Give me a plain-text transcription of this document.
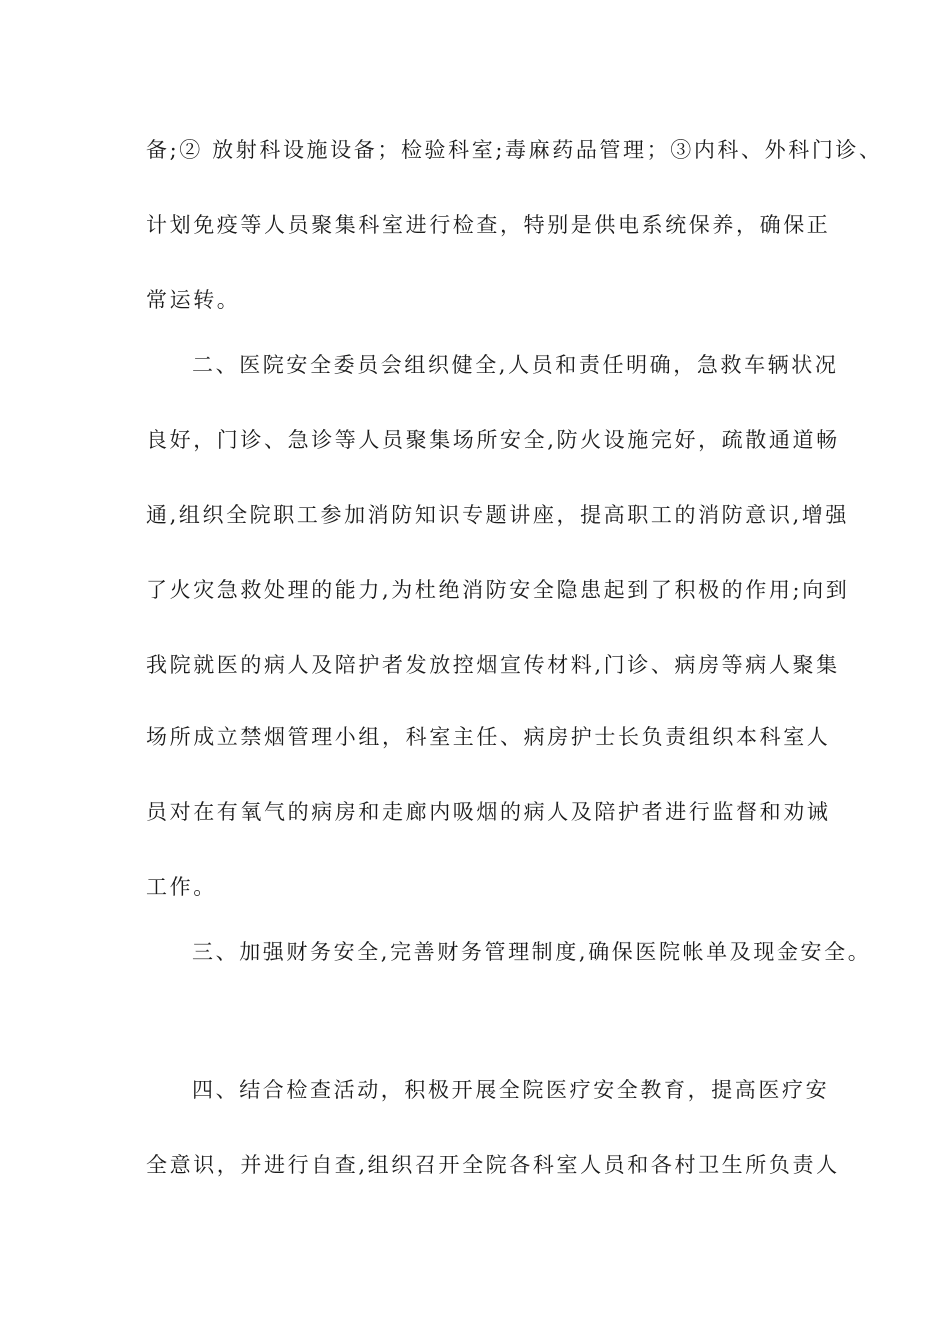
备;② 放射科设施设备；检验科室;毒麻药品管理；③内科、外科门诊、
计划免疫等人员聚集科室进行检查，特别是供电系统保养，确保正
常运转。
二、医院安全委员会组织健全,人员和责任明确，急救车辆状况
良好，门诊、急诊等人员聚集场所安全,防火设施完好，疏散通道畅
通,组织全院职工参加消防知识专题讲座，提高职工的消防意识,增强
了火灾急救处理的能力,为杜绝消防安全隐患起到了积极的作用;向到
我院就医的病人及陪护者发放控烟宣传材料,门诊、病房等病人聚集
场所成立禁烟管理小组，科室主任、病房护士长负责组织本科室人
员对在有氧气的病房和走廊内吸烟的病人及陪护者进行监督和劝诫
工作。
三、加强财务安全,完善财务管理制度,确保医院帐单及现金安全。
四、结合检查活动，积极开展全院医疗安全教育，提高医疗安
全意识，并进行自查,组织召开全院各科室人员和各村卫生所负责人
